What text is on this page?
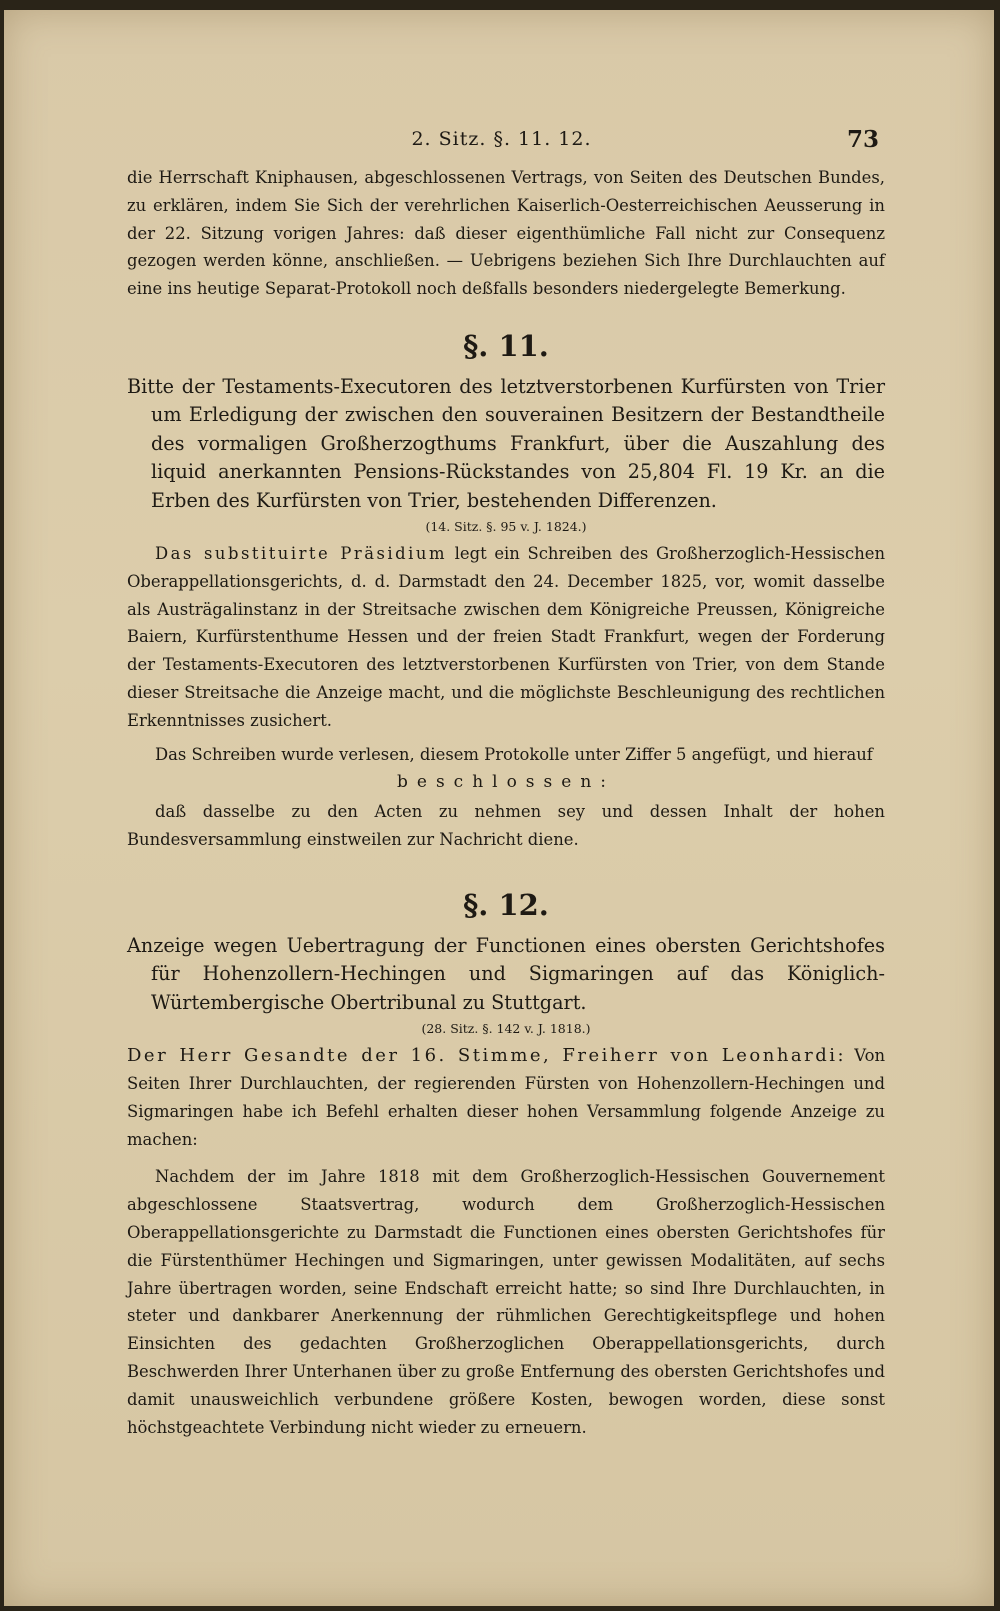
2. Sitz. §. 11. 12.	73

die Herrschaft Kniphausen, abgeschlossenen Vertrags, von Seiten des Deutschen Bundes, zu erklären, indem Sie Sich der verehrlichen Kaiserlich-Oesterreichischen Aeusserung in der 22. Sitzung vorigen Jahres: daß dieser eigenthümliche Fall nicht zur Consequenz gezogen werden könne, anschließen. — Uebrigens beziehen Sich Ihre Durchlauchten auf eine ins heutige Separat-Protokoll noch deßfalls besonders niedergelegte Bemerkung.

§. 11.

Bitte der Testaments-Executoren des letztverstorbenen Kurfürsten von Trier um Erledigung der zwischen den souverainen Besitzern der Bestandtheile des vormaligen Großherzogthums Frankfurt, über die Auszahlung des liquid anerkannten Pensions-Rückstandes von 25,804 Fl. 19 Kr. an die Erben des Kurfürsten von Trier, bestehenden Differenzen.

(14. Sitz. §. 95 v. J. 1824.)

Das substituirte Präsidium legt ein Schreiben des Großherzoglich-Hessischen Oberappellationsgerichts, d. d. Darmstadt den 24. December 1825, vor, womit dasselbe als Austrägalinstanz in der Streitsache zwischen dem Königreiche Preussen, Königreiche Baiern, Kurfürstenthume Hessen und der freien Stadt Frankfurt, wegen der Forderung der Testaments-Executoren des letztverstorbenen Kurfürsten von Trier, von dem Stande dieser Streitsache die Anzeige macht, und die möglichste Beschleunigung des rechtlichen Erkenntnisses zusichert.

Das Schreiben wurde verlesen, diesem Protokolle unter Ziffer 5 angefügt, und hierauf

beschlossen:

daß dasselbe zu den Acten zu nehmen sey und dessen Inhalt der hohen Bundesversammlung einstweilen zur Nachricht diene.

§. 12.

Anzeige wegen Uebertragung der Functionen eines obersten Gerichtshofes für Hohenzollern-Hechingen und Sigmaringen auf das Königlich-Würtembergische Obertribunal zu Stuttgart.

(28. Sitz. §. 142 v. J. 1818.)

Der Herr Gesandte der 16. Stimme, Freiherr von Leonhardi: Von Seiten Ihrer Durchlauchten, der regierenden Fürsten von Hohenzollern-Hechingen und Sigmaringen habe ich Befehl erhalten dieser hohen Versammlung folgende Anzeige zu machen:

Nachdem der im Jahre 1818 mit dem Großherzoglich-Hessischen Gouvernement abgeschlossene Staatsvertrag, wodurch dem Großherzoglich-Hessischen Oberappellationsgerichte zu Darmstadt die Functionen eines obersten Gerichtshofes für die Fürstenthümer Hechingen und Sigmaringen, unter gewissen Modalitäten, auf sechs Jahre übertragen worden, seine Endschaft erreicht hatte; so sind Ihre Durchlauchten, in steter und dankbarer Anerkennung der rühmlichen Gerechtigkeitspflege und hohen Einsichten des gedachten Großherzoglichen Oberappellationsgerichts, durch Beschwerden Ihrer Unterhanen über zu große Entfernung des obersten Gerichtshofes und damit unausweichlich verbundene größere Kosten, bewogen worden, diese sonst höchstgeachtete Verbindung nicht wieder zu erneuern.
